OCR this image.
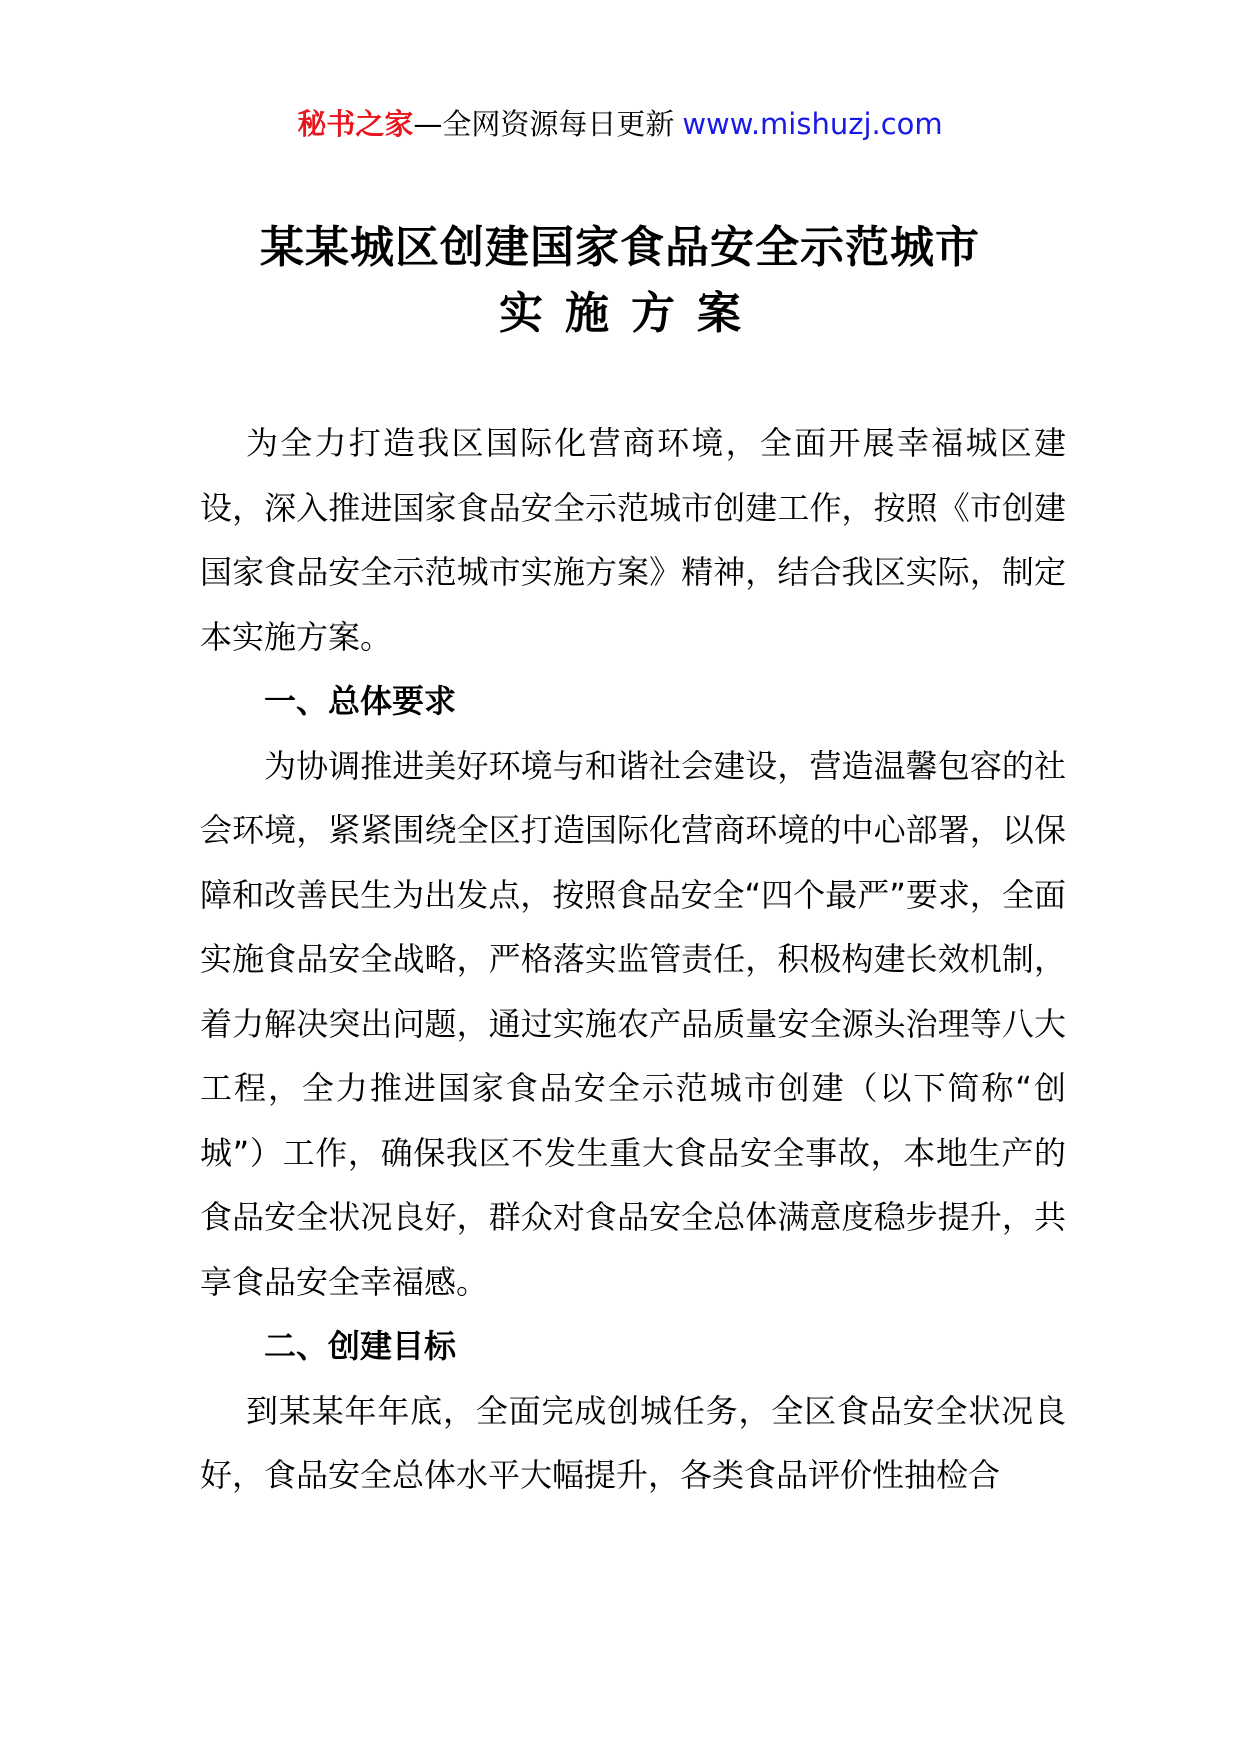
秘书之家—全网资源每日更新 www.mishuzj.com
某某城区创建国家食品安全示范城市
实施方案

为全力打造我区国际化营商环境，全面开展幸福城区建设，深入推进国家食品安全示范城市创建工作，按照《市创建国家食品安全示范城市实施方案》精神，结合我区实际，制定本实施方案。

一、总体要求

为协调推进美好环境与和谐社会建设，营造温馨包容的社会环境，紧紧围绕全区打造国际化营商环境的中心部署，以保障和改善民生为出发点，按照食品安全“四个最严”要求，全面实施食品安全战略，严格落实监管责任，积极构建长效机制，着力解决突出问题，通过实施农产品质量安全源头治理等八大工程，全力推进国家食品安全示范城市创建（以下简称“创城”）工作，确保我区不发生重大食品安全事故，本地生产的食品安全状况良好，群众对食品安全总体满意度稳步提升，共享食品安全幸福感。

二、创建目标

到某某年年底，全面完成创城任务，全区食品安全状况良好，食品安全总体水平大幅提升，各类食品评价性抽检合
